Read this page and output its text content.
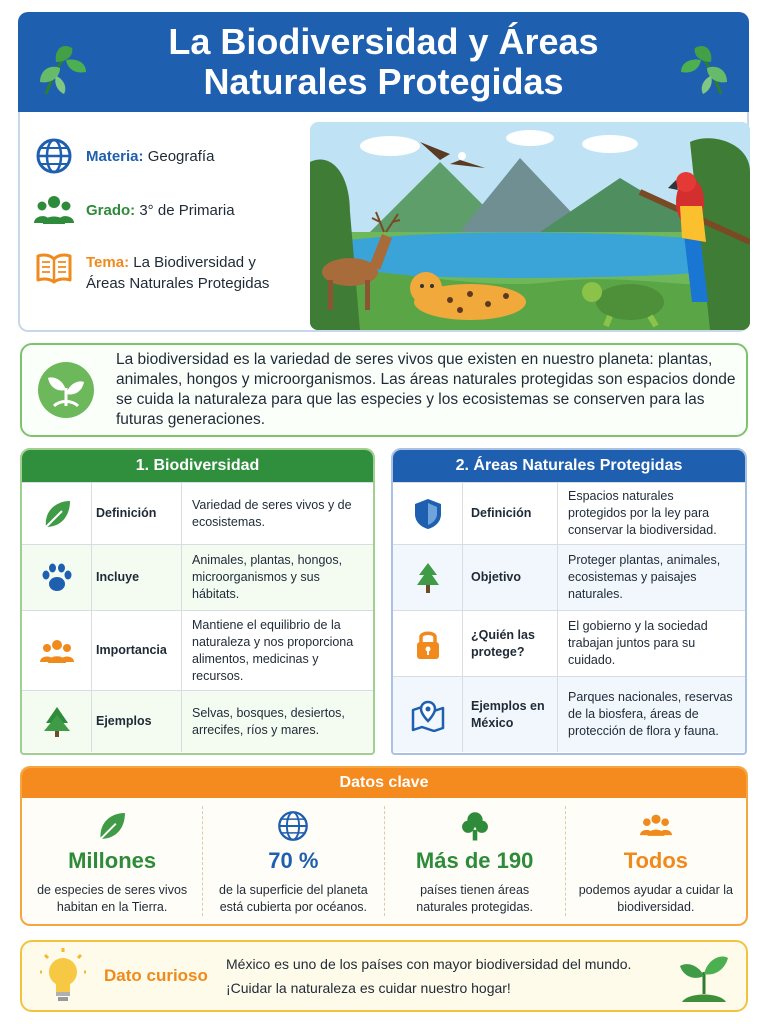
La Biodiversidad y Áreas Naturales Protegidas
Materia: Geografía
Grado: 3° de Primaria
Tema: La Biodiversidad y Áreas Naturales Protegidas

La biodiversidad es la variedad de seres vivos que existen en nuestro planeta: plantas, animales, hongos y microorganismos. Las áreas naturales protegidas son espacios donde se cuida la naturaleza para que las especies y los ecosistemas se conserven para las futuras generaciones.

1. Biodiversidad
Definición
Variedad de seres vivos y de ecosistemas.
Incluye
Animales, plantas, hongos, microorganismos y sus hábitats.
Importancia
Mantiene el equilibrio de la naturaleza y nos proporciona alimentos, medicinas y recursos.
Ejemplos
Selvas, bosques, desiertos, arrecifes, ríos y mares.
2. Áreas Naturales Protegidas
Definición
Espacios naturales protegidos por la ley para conservar la biodiversidad.
Objetivo
Proteger plantas, animales, ecosistemas y paisajes naturales.
¿Quién las protege?
El gobierno y la sociedad trabajan juntos para su cuidado.
Ejemplos en México
Parques nacionales, reservas de la biosfera, áreas de protección de flora y fauna.
Datos clave
Millones
de especies de seres vivos habitan en la Tierra.
70 %
de la superficie del planeta está cubierta por océanos.
Más de 190
países tienen áreas naturales protegidas.
Todos
podemos ayudar a cuidar la biodiversidad.
Dato curioso
México es uno de los países con mayor biodiversidad del mundo.
¡Cuidar la naturaleza es cuidar nuestro hogar!
